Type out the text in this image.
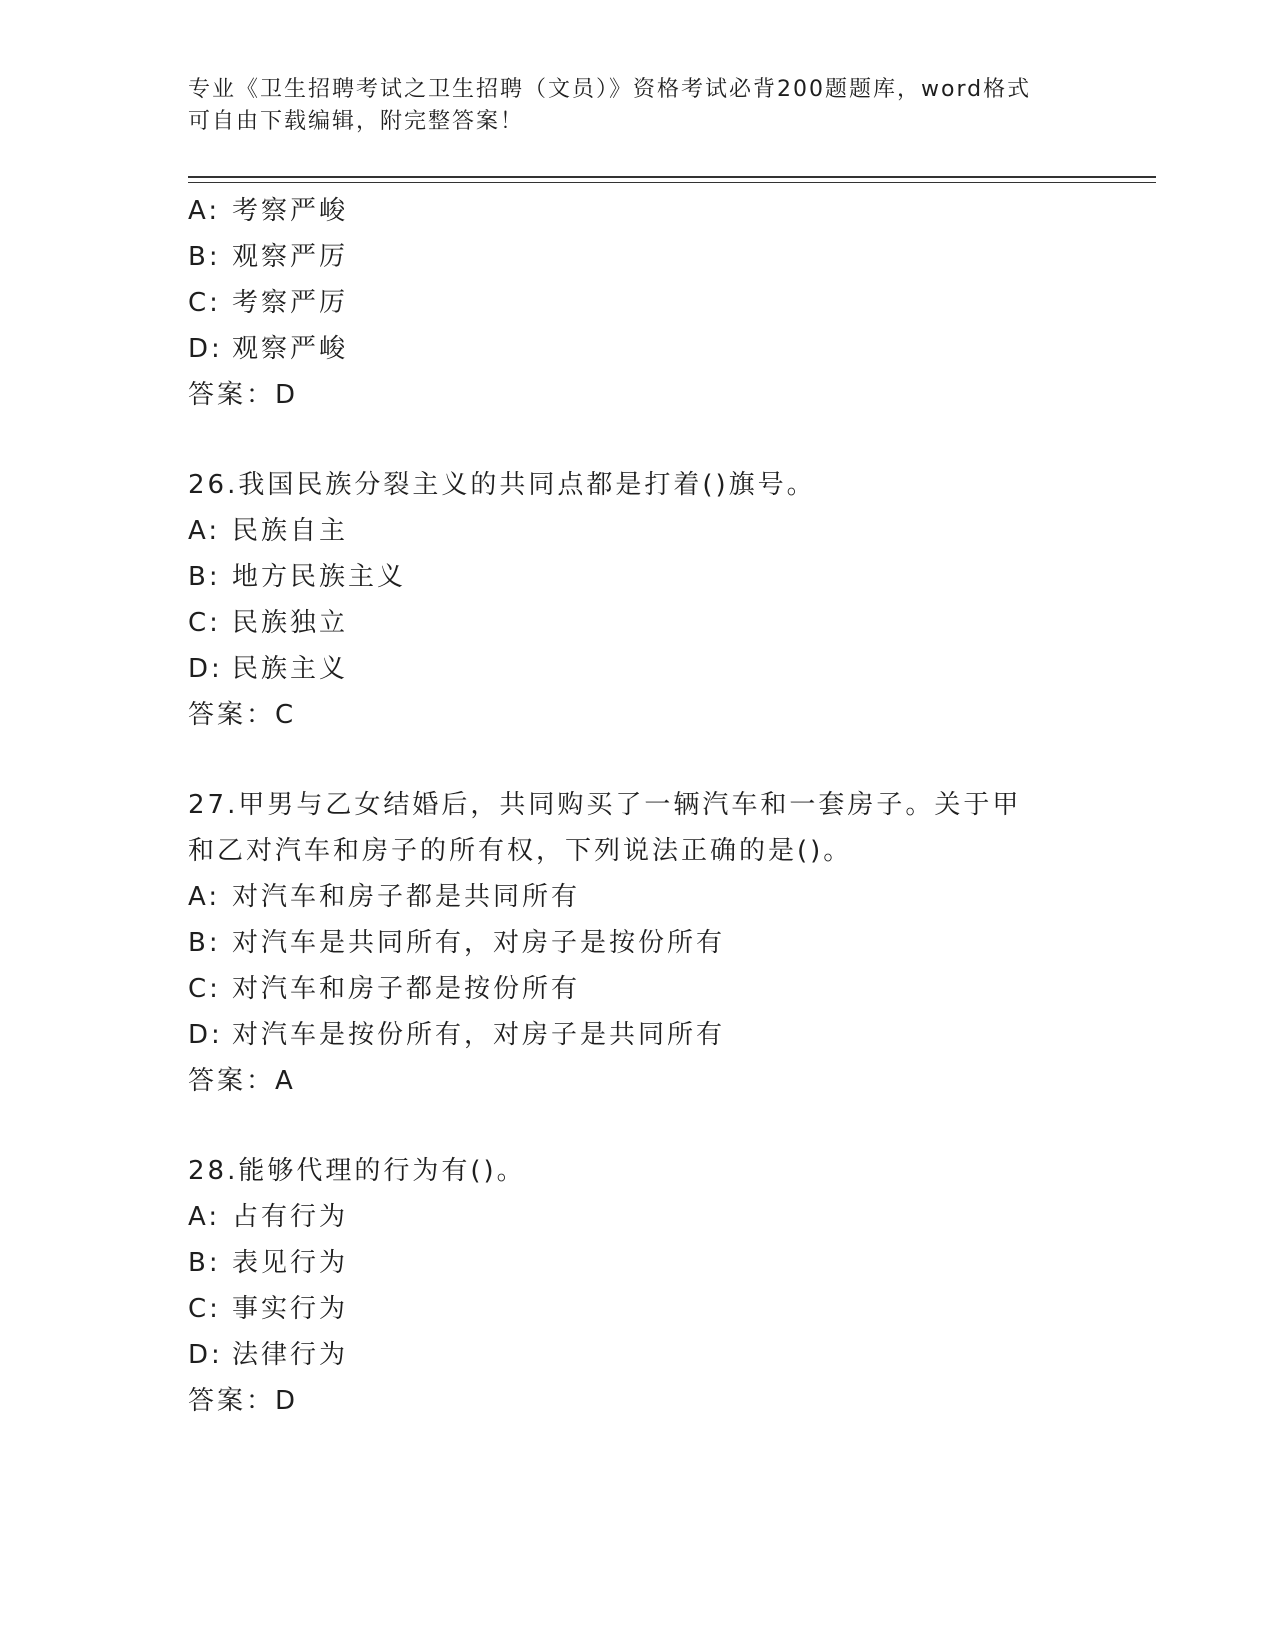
专业《卫生招聘考试之卫生招聘（文员）》资格考试必背200题题库，word格式
可自由下载编辑，附完整答案！
A: 考察严峻
B: 观察严厉
C: 考察严厉
D: 观察严峻
答案：D
26.我国民族分裂主义的共同点都是打着()旗号。
A: 民族自主
B: 地方民族主义
C: 民族独立
D: 民族主义
答案：C
27.甲男与乙女结婚后，共同购买了一辆汽车和一套房子。关于甲和乙对汽车和房子的所有权，下列说法正确的是()。
A: 对汽车和房子都是共同所有
B: 对汽车是共同所有，对房子是按份所有
C: 对汽车和房子都是按份所有
D: 对汽车是按份所有，对房子是共同所有
答案：A
28.能够代理的行为有()。
A: 占有行为
B: 表见行为
C: 事实行为
D: 法律行为
答案：D
